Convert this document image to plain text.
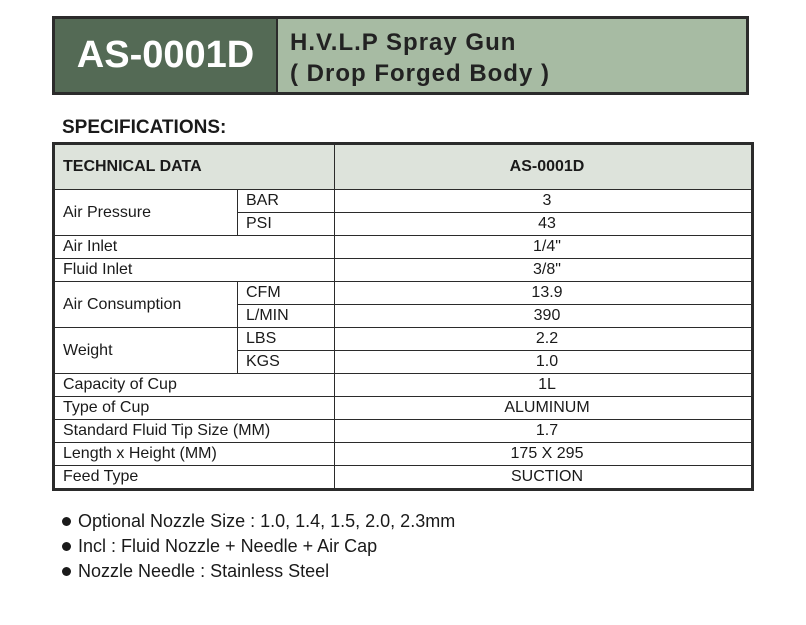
AS-0001D H.V.L.P Spray Gun
( Drop Forged Body )
SPECIFICATIONS:
TECHNICAL DATA		AS-0001D
Air Pressure	BAR	3
	PSI	43
Air Inlet		1/4"
Fluid Inlet		3/8"
Air Consumption	CFM	13.9
	L/MIN	390
Weight	LBS	2.2
	KGS	1.0
Capacity of Cup		1L
Type of Cup		ALUMINUM
Standard Fluid Tip Size (MM)		1.7
Length x Height (MM)		175 X 295
Feed Type		SUCTION
Optional Nozzle Size : 1.0, 1.4, 1.5, 2.0, 2.3mm
Incl : Fluid Nozzle + Needle + Air Cap
Nozzle Needle : Stainless Steel
